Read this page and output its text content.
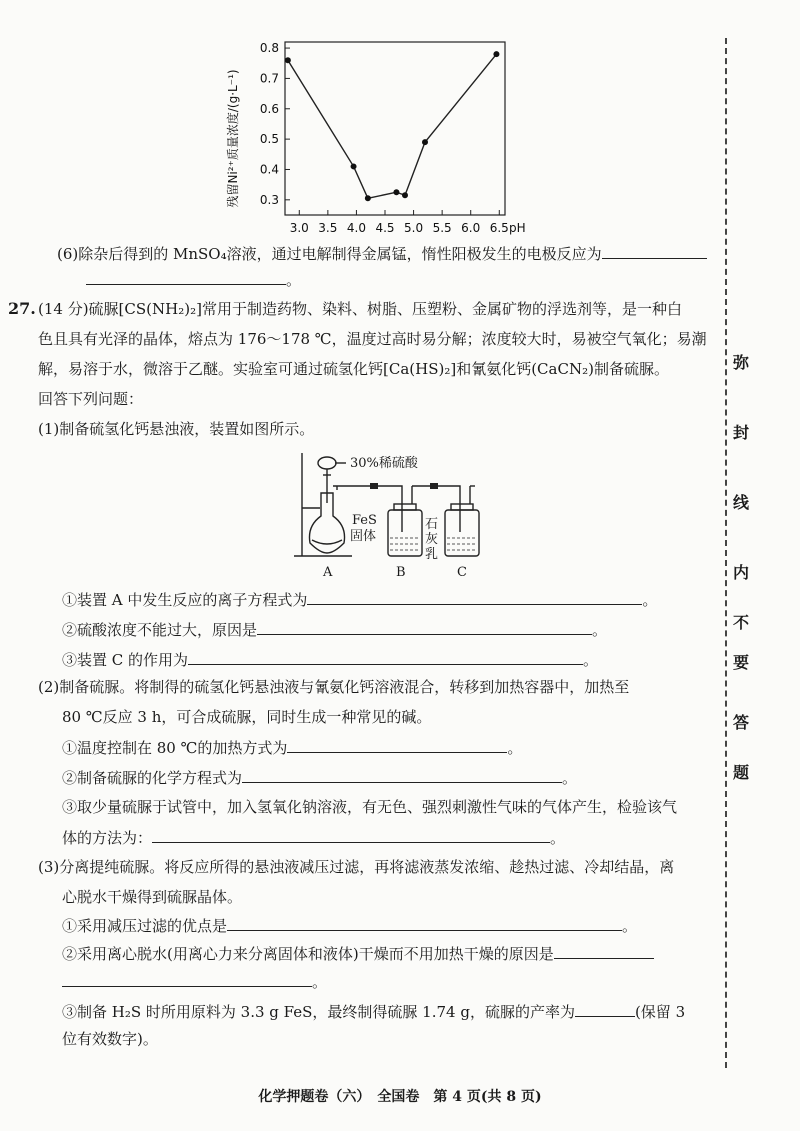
0.8
0.7
0.6
0.5
0.4
0.3
3.0 3.5 4.0 4.5 5.0 5.5 6.0 6.5 pH
残留Ni²⁺质量浓度/(g·L⁻¹)
(6)除杂后得到的 MnSO₄溶液，通过电解制得金属锰，惰性阳极发生的电极反应为
。
27. (14 分)硫脲[CS(NH₂)₂]常用于制造药物、染料、树脂、压塑粉、金属矿物的浮选剂等，是一种白
色且具有光泽的晶体，熔点为 176～178 ℃，温度过高时易分解；浓度较大时，易被空气氧化；易潮
解，易溶于水，微溶于乙醚。实验室可通过硫氢化钙[Ca(HS)₂]和氰氨化钙(CaCN₂)制备硫脲。
回答下列问题：
(1)制备硫氢化钙悬浊液，装置如图所示。
30%稀硫酸
FeS
固体
石
灰
乳
A	B	C
①装置 A 中发生反应的离子方程式为	。
②硫酸浓度不能过大，原因是	。
③装置 C 的作用为	。
(2)制备硫脲。将制得的硫氢化钙悬浊液与氰氨化钙溶液混合，转移到加热容器中，加热至
80 ℃反应 3 h，可合成硫脲，同时生成一种常见的碱。
①温度控制在 80 ℃的加热方式为	。
②制备硫脲的化学方程式为	。
③取少量硫脲于试管中，加入氢氧化钠溶液，有无色、强烈刺激性气味的气体产生，检验该气
体的方法为：	。
(3)分离提纯硫脲。将反应所得的悬浊液减压过滤，再将滤液蒸发浓缩、趁热过滤、冷却结晶，离
心脱水干燥得到硫脲晶体。
①采用减压过滤的优点是	。
②采用离心脱水(用离心力来分离固体和液体)干燥而不用加热干燥的原因是
。
③制备 H₂S 时所用原料为 3.3 g FeS，最终制得硫脲 1.74 g，硫脲的产率为	(保留 3
位有效数字)。
弥
封
线
内
不
要
答
题
化学押题卷（六）　全国卷　第 4 页(共 8 页)
